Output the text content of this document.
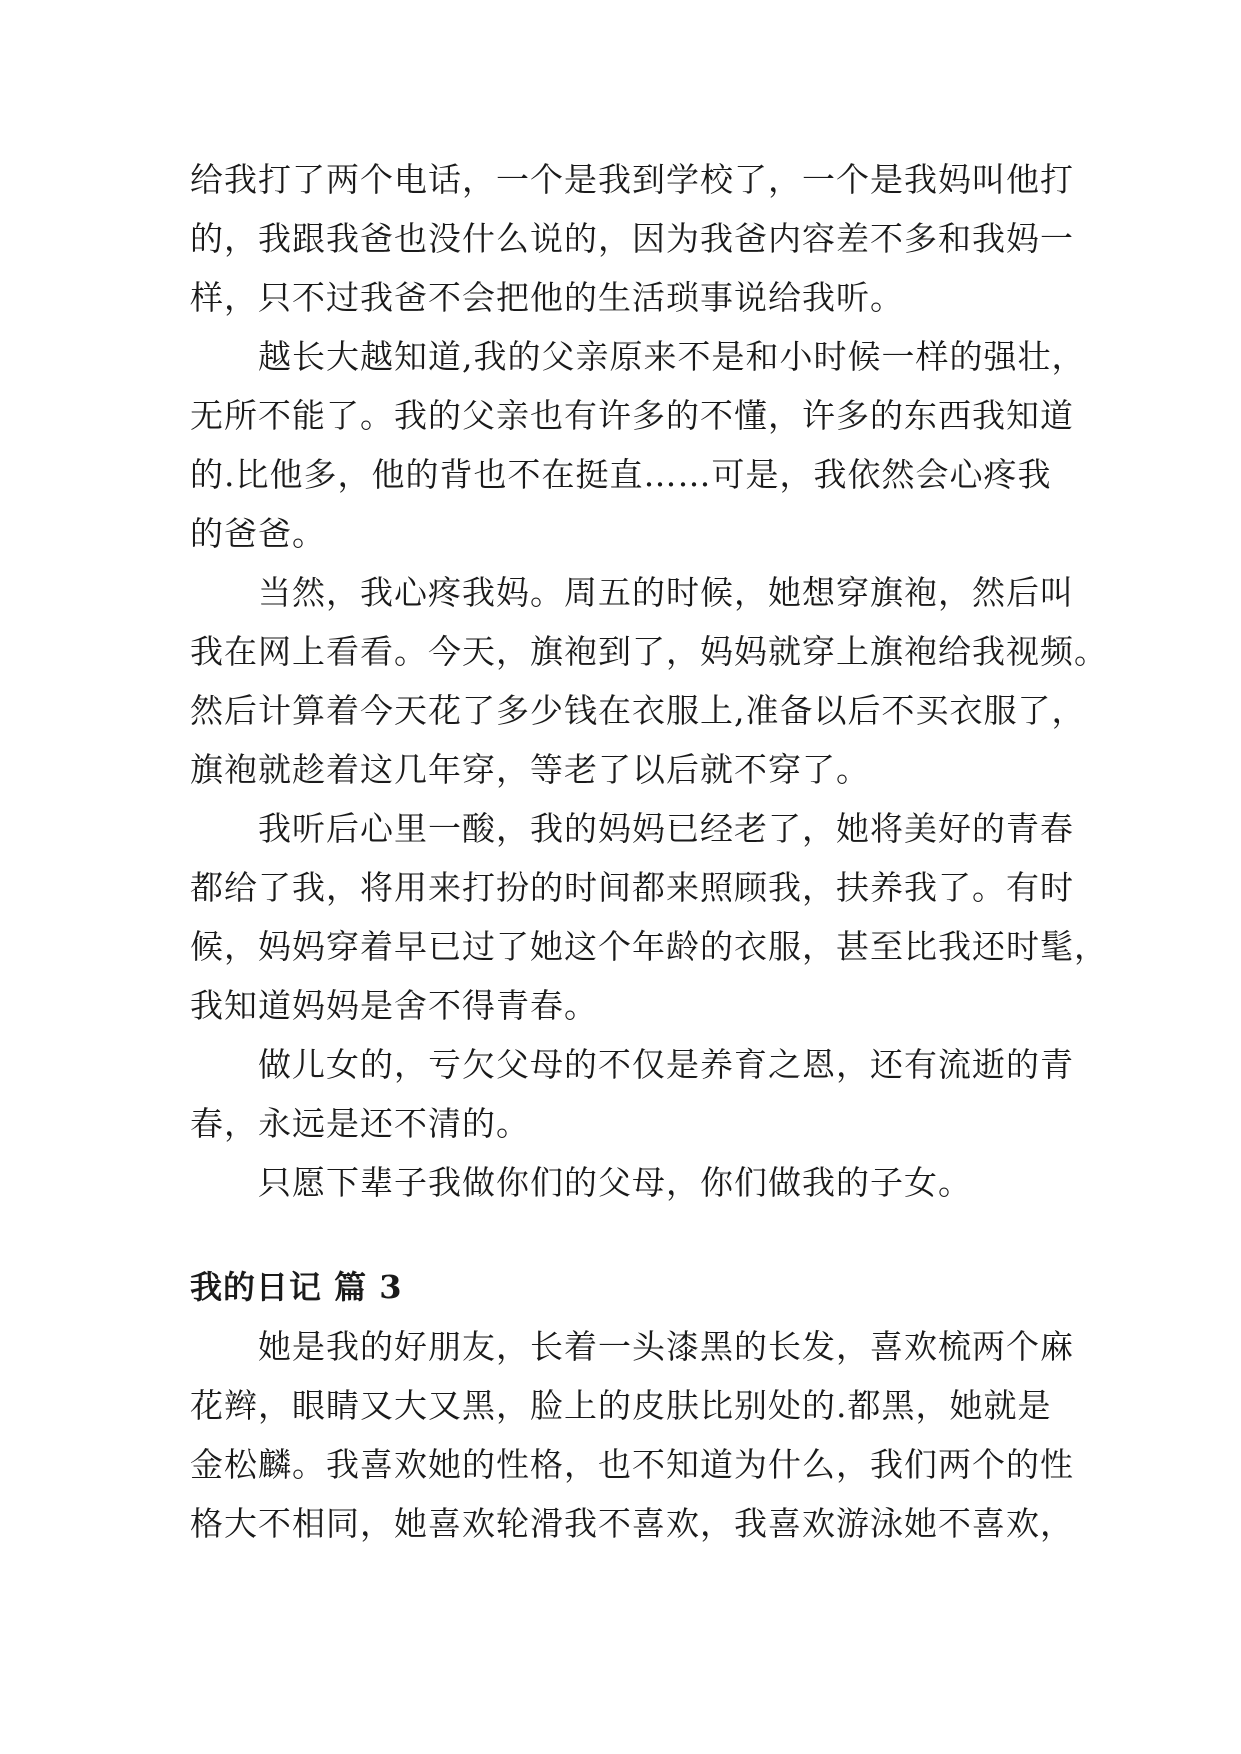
给我打了两个电话，一个是我到学校了，一个是我妈叫他打
的，我跟我爸也没什么说的，因为我爸内容差不多和我妈一
样，只不过我爸不会把他的生活琐事说给我听。

越长大越知道,我的父亲原来不是和小时候一样的强壮，
无所不能了。我的父亲也有许多的不懂，许多的东西我知道
的.比他多，他的背也不在挺直……可是，我依然会心疼我
的爸爸。

当然，我心疼我妈。周五的时候，她想穿旗袍，然后叫
我在网上看看。今天，旗袍到了，妈妈就穿上旗袍给我视频。
然后计算着今天花了多少钱在衣服上,准备以后不买衣服了，
旗袍就趁着这几年穿，等老了以后就不穿了。

我听后心里一酸，我的妈妈已经老了，她将美好的青春
都给了我，将用来打扮的时间都来照顾我，扶养我了。有时
候，妈妈穿着早已过了她这个年龄的衣服，甚至比我还时髦，
我知道妈妈是舍不得青春。

做儿女的，亏欠父母的不仅是养育之恩，还有流逝的青
春，永远是还不清的。

只愿下辈子我做你们的父母，你们做我的子女。

我的日记 篇 3

她是我的好朋友，长着一头漆黑的长发，喜欢梳两个麻
花辫，眼睛又大又黑，脸上的皮肤比别处的.都黑，她就是
金松麟。我喜欢她的性格，也不知道为什么，我们两个的性
格大不相同，她喜欢轮滑我不喜欢，我喜欢游泳她不喜欢，
